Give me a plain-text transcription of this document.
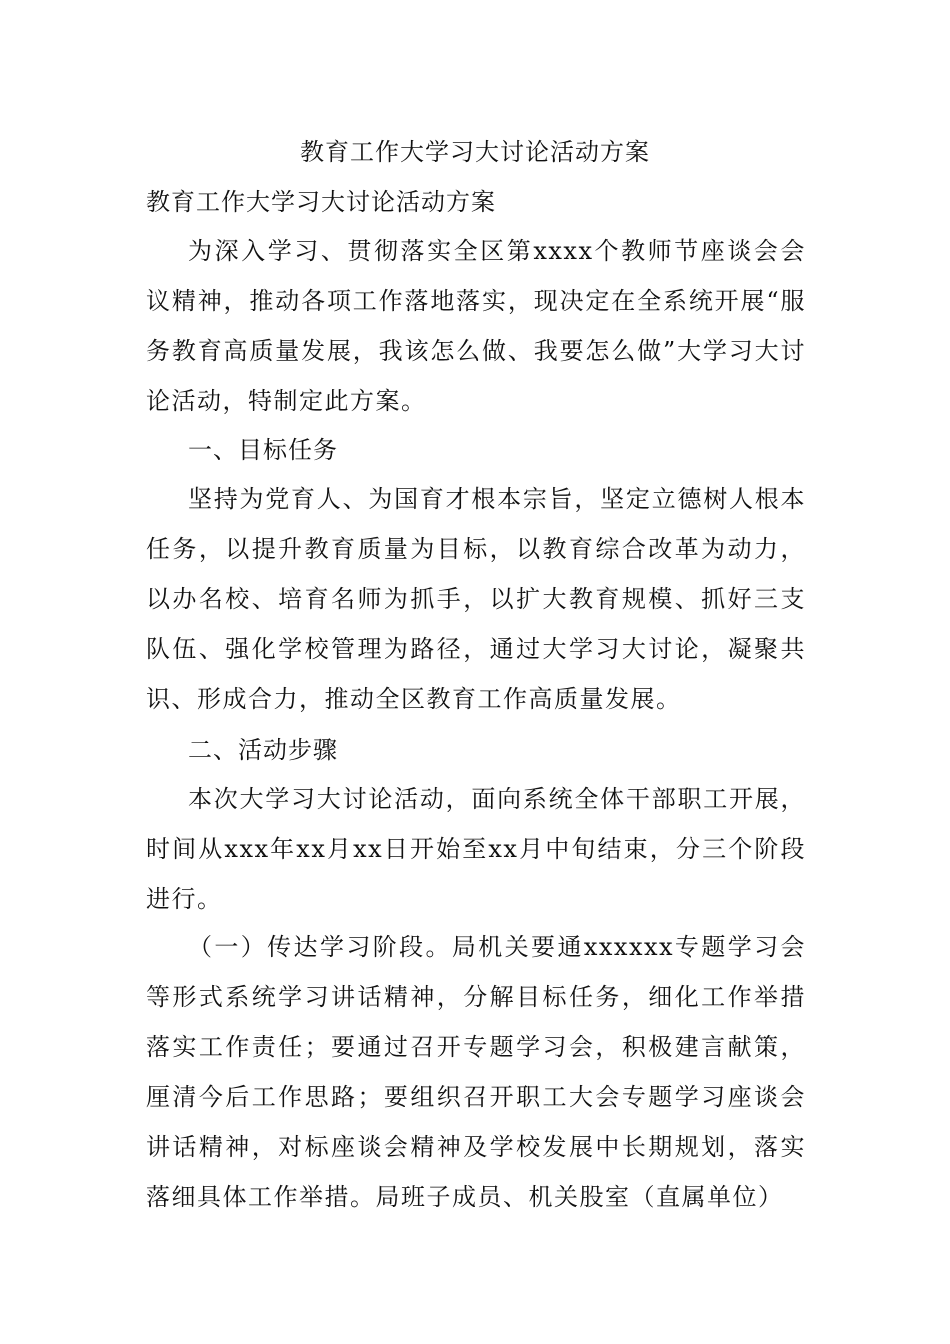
教育工作大学习大讨论活动方案
教育工作大学习大讨论活动方案
为深入学习、贯彻落实全区第xxxx个教师节座谈会会议精神，推动各项工作落地落实，现决定在全系统开展“服务教育高质量发展，我该怎么做、我要怎么做”大学习大讨论活动，特制定此方案。
一、目标任务
坚持为党育人、为国育才根本宗旨，坚定立德树人根本任务，以提升教育质量为目标，以教育综合改革为动力，以办名校、培育名师为抓手，以扩大教育规模、抓好三支队伍、强化学校管理为路径，通过大学习大讨论，凝聚共识、形成合力，推动全区教育工作高质量发展。
二、活动步骤
本次大学习大讨论活动，面向系统全体干部职工开展，时间从xxx年xx月xx日开始至xx月中旬结束，分三个阶段进行。
（一）传达学习阶段。局机关要通xxxxxx专题学习会等形式系统学习讲话精神，分解目标任务，细化工作举措落实工作责任；要通过召开专题学习会，积极建言献策，厘清今后工作思路；要组织召开职工大会专题学习座谈会讲话精神，对标座谈会精神及学校发展中长期规划，落实落细具体工作举措。局班子成员、机关股室（直属单位）
